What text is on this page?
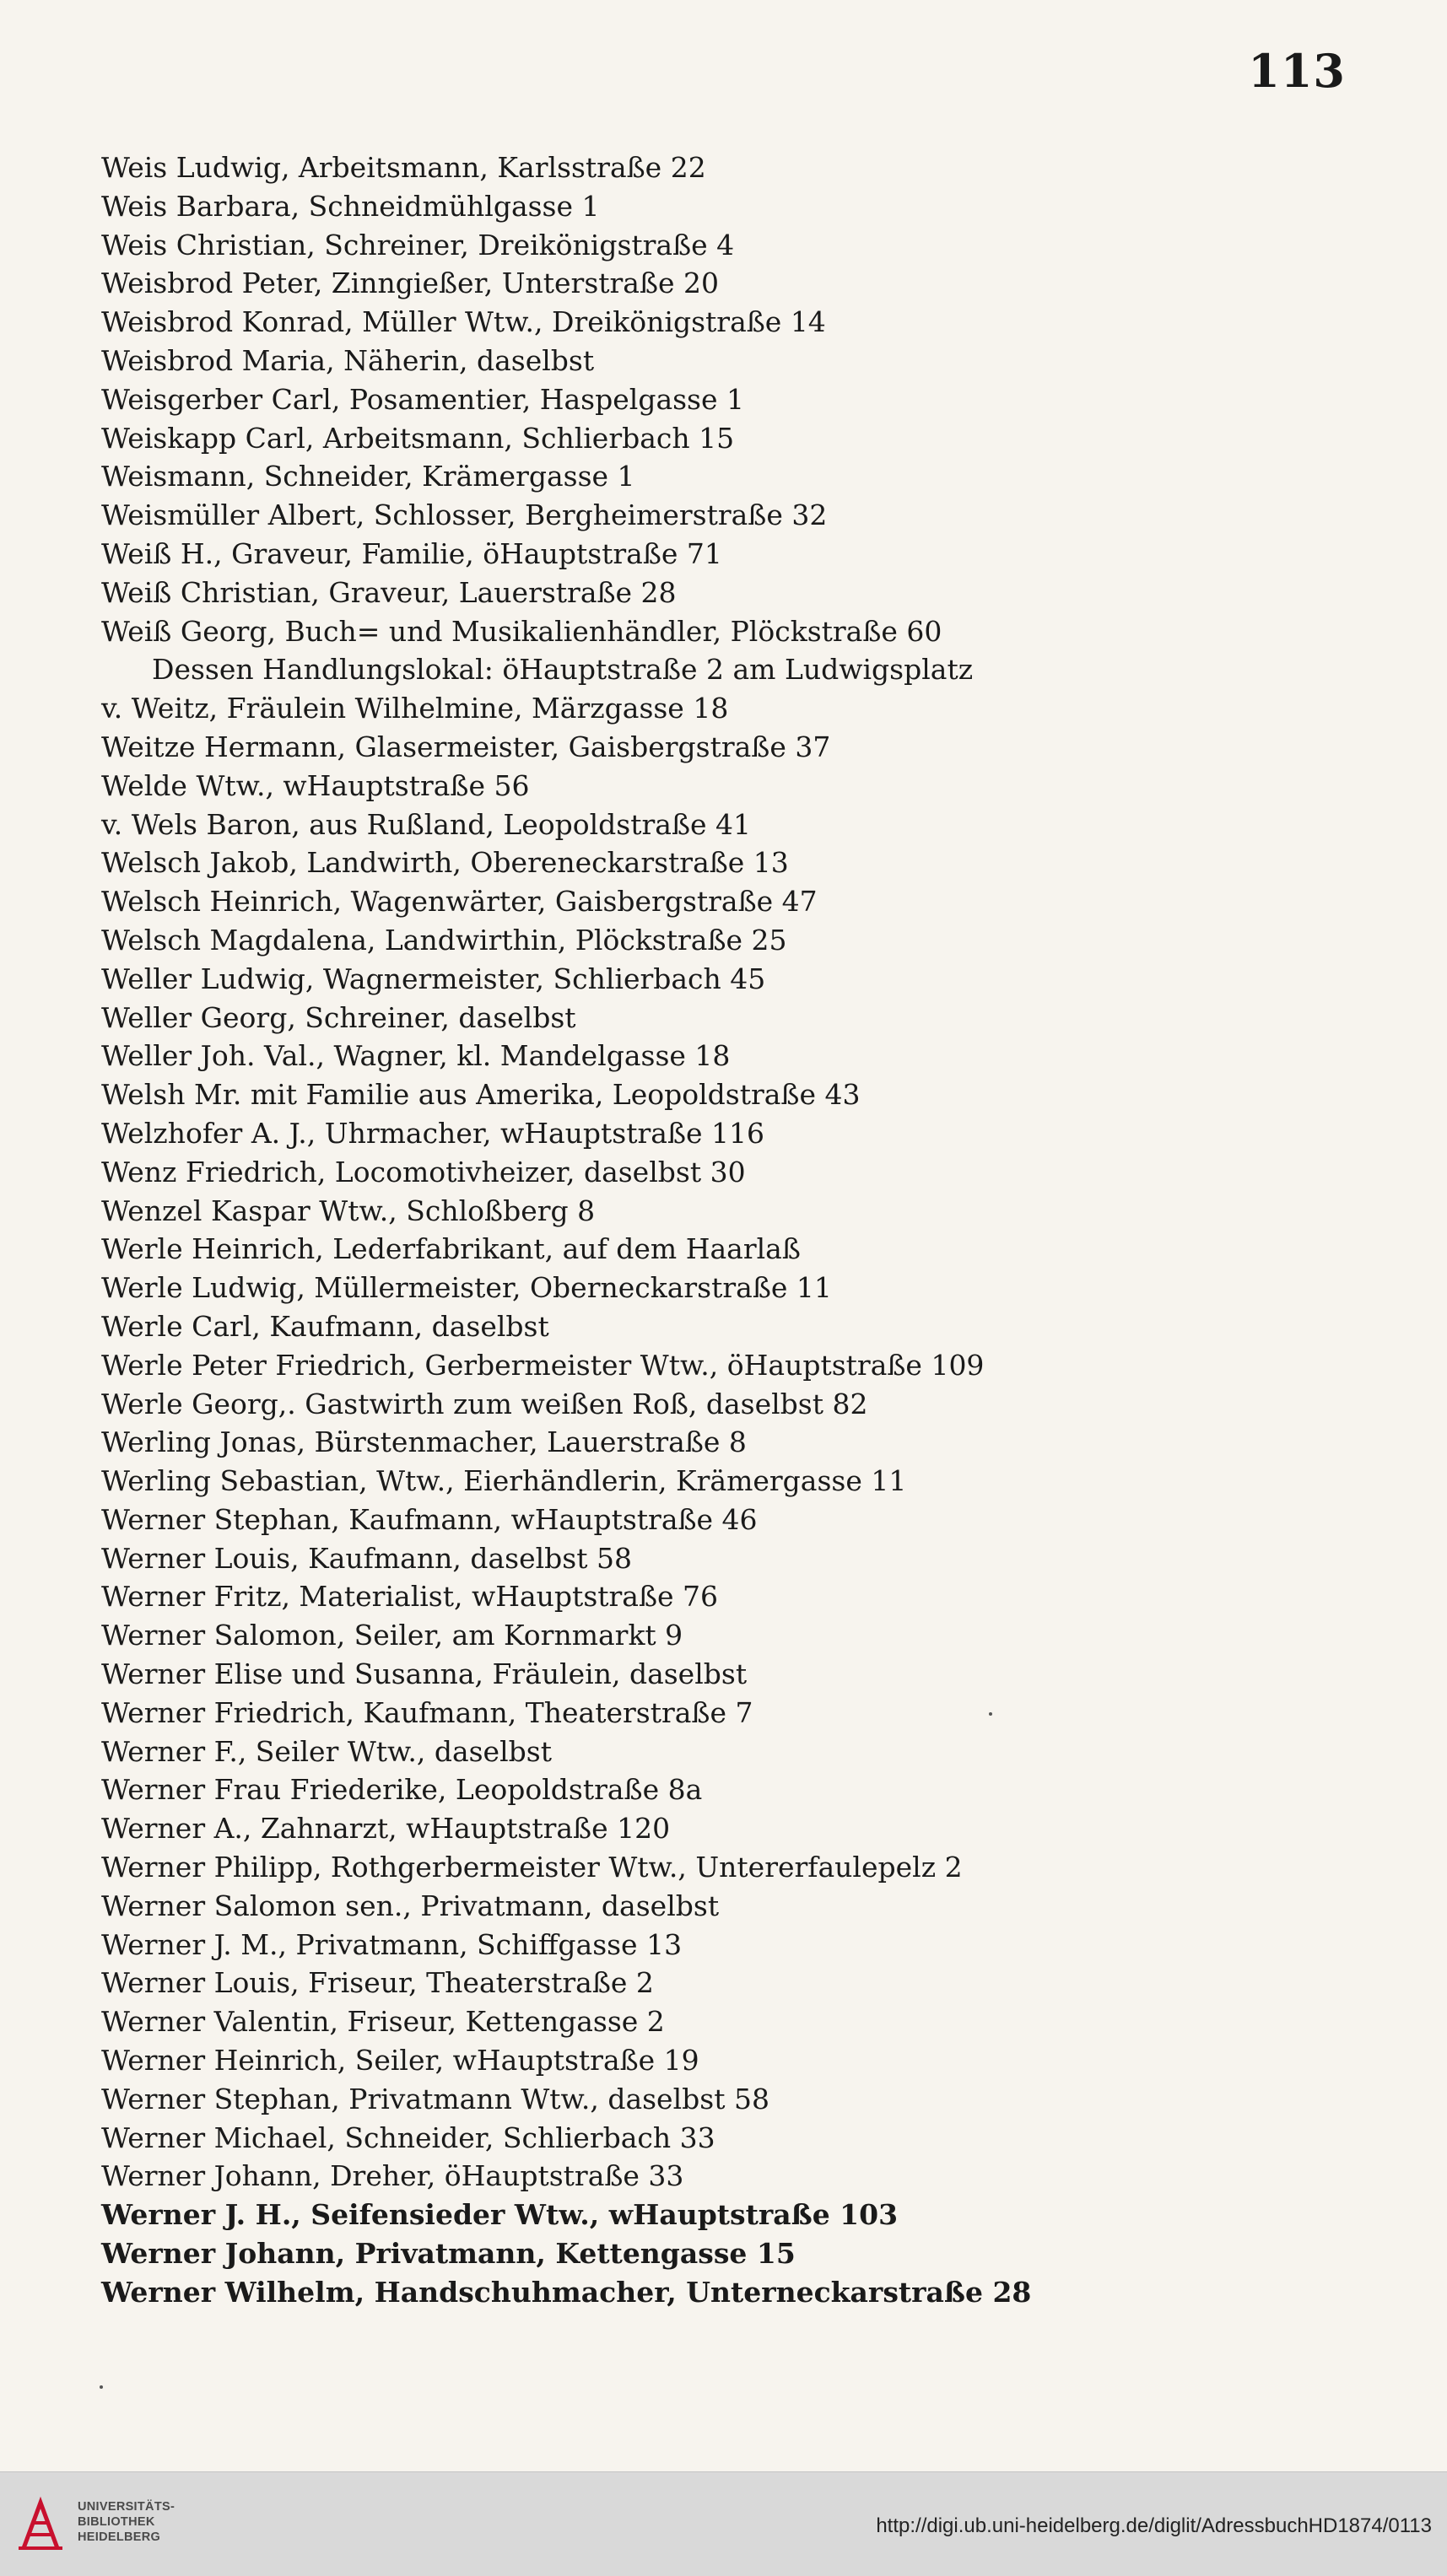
113
Weis Ludwig, Arbeitsmann, Karlsstraße 22
Weis Barbara, Schneidmühlgasse 1
Weis Christian, Schreiner, Dreikönigstraße 4
Weisbrod Peter, Zinngießer, Unterstraße 20
Weisbrod Konrad, Müller Wtw., Dreikönigstraße 14
Weisbrod Maria, Näherin, daselbst
Weisgerber Carl, Posamentier, Haspelgasse 1
Weiskapp Carl, Arbeitsmann, Schlierbach 15
Weismann, Schneider, Krämergasse 1
Weismüller Albert, Schlosser, Bergheimerstraße 32
Weiß H., Graveur, Familie, öHauptstraße 71
Weiß Christian, Graveur, Lauerstraße 28
Weiß Georg, Buch= und Musikalienhändler, Plöckstraße 60
Dessen Handlungslokal: öHauptstraße 2 am Ludwigsplatz
v. Weitz, Fräulein Wilhelmine, Märzgasse 18
Weitze Hermann, Glasermeister, Gaisbergstraße 37
Welde Wtw., wHauptstraße 56
v. Wels Baron, aus Rußland, Leopoldstraße 41
Welsch Jakob, Landwirth, Obereneckarstraße 13
Welsch Heinrich, Wagenwärter, Gaisbergstraße 47
Welsch Magdalena, Landwirthin, Plöckstraße 25
Weller Ludwig, Wagnermeister, Schlierbach 45
Weller Georg, Schreiner, daselbst
Weller Joh. Val., Wagner, kl. Mandelgasse 18
Welsh Mr. mit Familie aus Amerika, Leopoldstraße 43
Welzhofer A. J., Uhrmacher, wHauptstraße 116
Wenz Friedrich, Locomotivheizer, daselbst 30
Wenzel Kaspar Wtw., Schloßberg 8
Werle Heinrich, Lederfabrikant, auf dem Haarlaß
Werle Ludwig, Müllermeister, Oberneckarstraße 11
Werle Carl, Kaufmann, daselbst
Werle Peter Friedrich, Gerbermeister Wtw., öHauptstraße 109
Werle Georg,. Gastwirth zum weißen Roß, daselbst 82
Werling Jonas, Bürstenmacher, Lauerstraße 8
Werling Sebastian, Wtw., Eierhändlerin, Krämergasse 11
Werner Stephan, Kaufmann, wHauptstraße 46
Werner Louis, Kaufmann, daselbst 58
Werner Fritz, Materialist, wHauptstraße 76
Werner Salomon, Seiler, am Kornmarkt 9
Werner Elise und Susanna, Fräulein, daselbst
Werner Friedrich, Kaufmann, Theaterstraße 7
Werner F., Seiler Wtw., daselbst
Werner Frau Friederike, Leopoldstraße 8a
Werner A., Zahnarzt, wHauptstraße 120
Werner Philipp, Rothgerbermeister Wtw., Untererfaulepelz 2
Werner Salomon sen., Privatmann, daselbst
Werner J. M., Privatmann, Schiffgasse 13
Werner Louis, Friseur, Theaterstraße 2
Werner Valentin, Friseur, Kettengasse 2
Werner Heinrich, Seiler, wHauptstraße 19
Werner Stephan, Privatmann Wtw., daselbst 58
Werner Michael, Schneider, Schlierbach 33
Werner Johann, Dreher, öHauptstraße 33
Werner J. H., Seifensieder Wtw., wHauptstraße 103
Werner Johann, Privatmann, Kettengasse 15
Werner Wilhelm, Handschuhmacher, Unterneckarstraße 28
UNIVERSITÄTS-
BIBLIOTHEK
HEIDELBERG	http://digi.ub.uni-heidelberg.de/diglit/AdressbuchHD1874/0113
